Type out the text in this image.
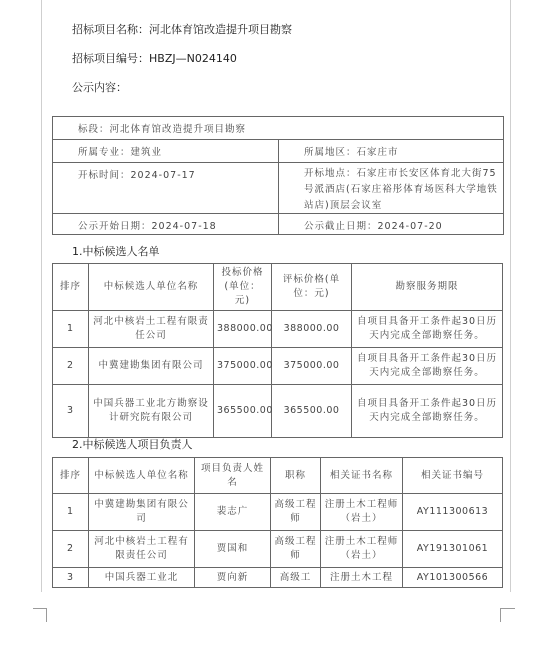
招标项目名称：河北体育馆改造提升项目勘察
招标项目编号：HBZJ—N024140
公示内容：
标段：河北体育馆改造提升项目勘察
所属专业：建筑业	所属地区：石家庄市
开标时间：2024-07-17	开标地点：石家庄市长安区体育北大街75号派酒店(石家庄裕彤体育场医科大学地铁站店)顶层会议室
公示开始日期：2024-07-18	公示截止日期：2024-07-20
1.中标候选人名单
排序	中标候选人单位名称	投标价格(单位：元)	评标价格(单位：元)	勘察服务期限
1	河北中核岩土工程有限责任公司	388000.00	388000.00	自项目具备开工条件起30日历天内完成全部勘察任务。
2	中冀建勘集团有限公司	375000.00	375000.00	自项目具备开工条件起30日历天内完成全部勘察任务。
3	中国兵器工业北方勘察设计研究院有限公司	365500.00	365500.00	自项目具备开工条件起30日历天内完成全部勘察任务。
2.中标候选人项目负责人
排序	中标候选人单位名称	项目负责人姓名	职称	相关证书名称	相关证书编号
1	中冀建勘集团有限公司	裴志广	高级工程师	注册土木工程师（岩土）	AY111300613
2	河北中核岩土工程有限责任公司	贾国和	高级工程师	注册土木工程师（岩土）	AY191301061
3	中国兵器工业北	贾向新	高级工	注册土木工程	AY101300566
